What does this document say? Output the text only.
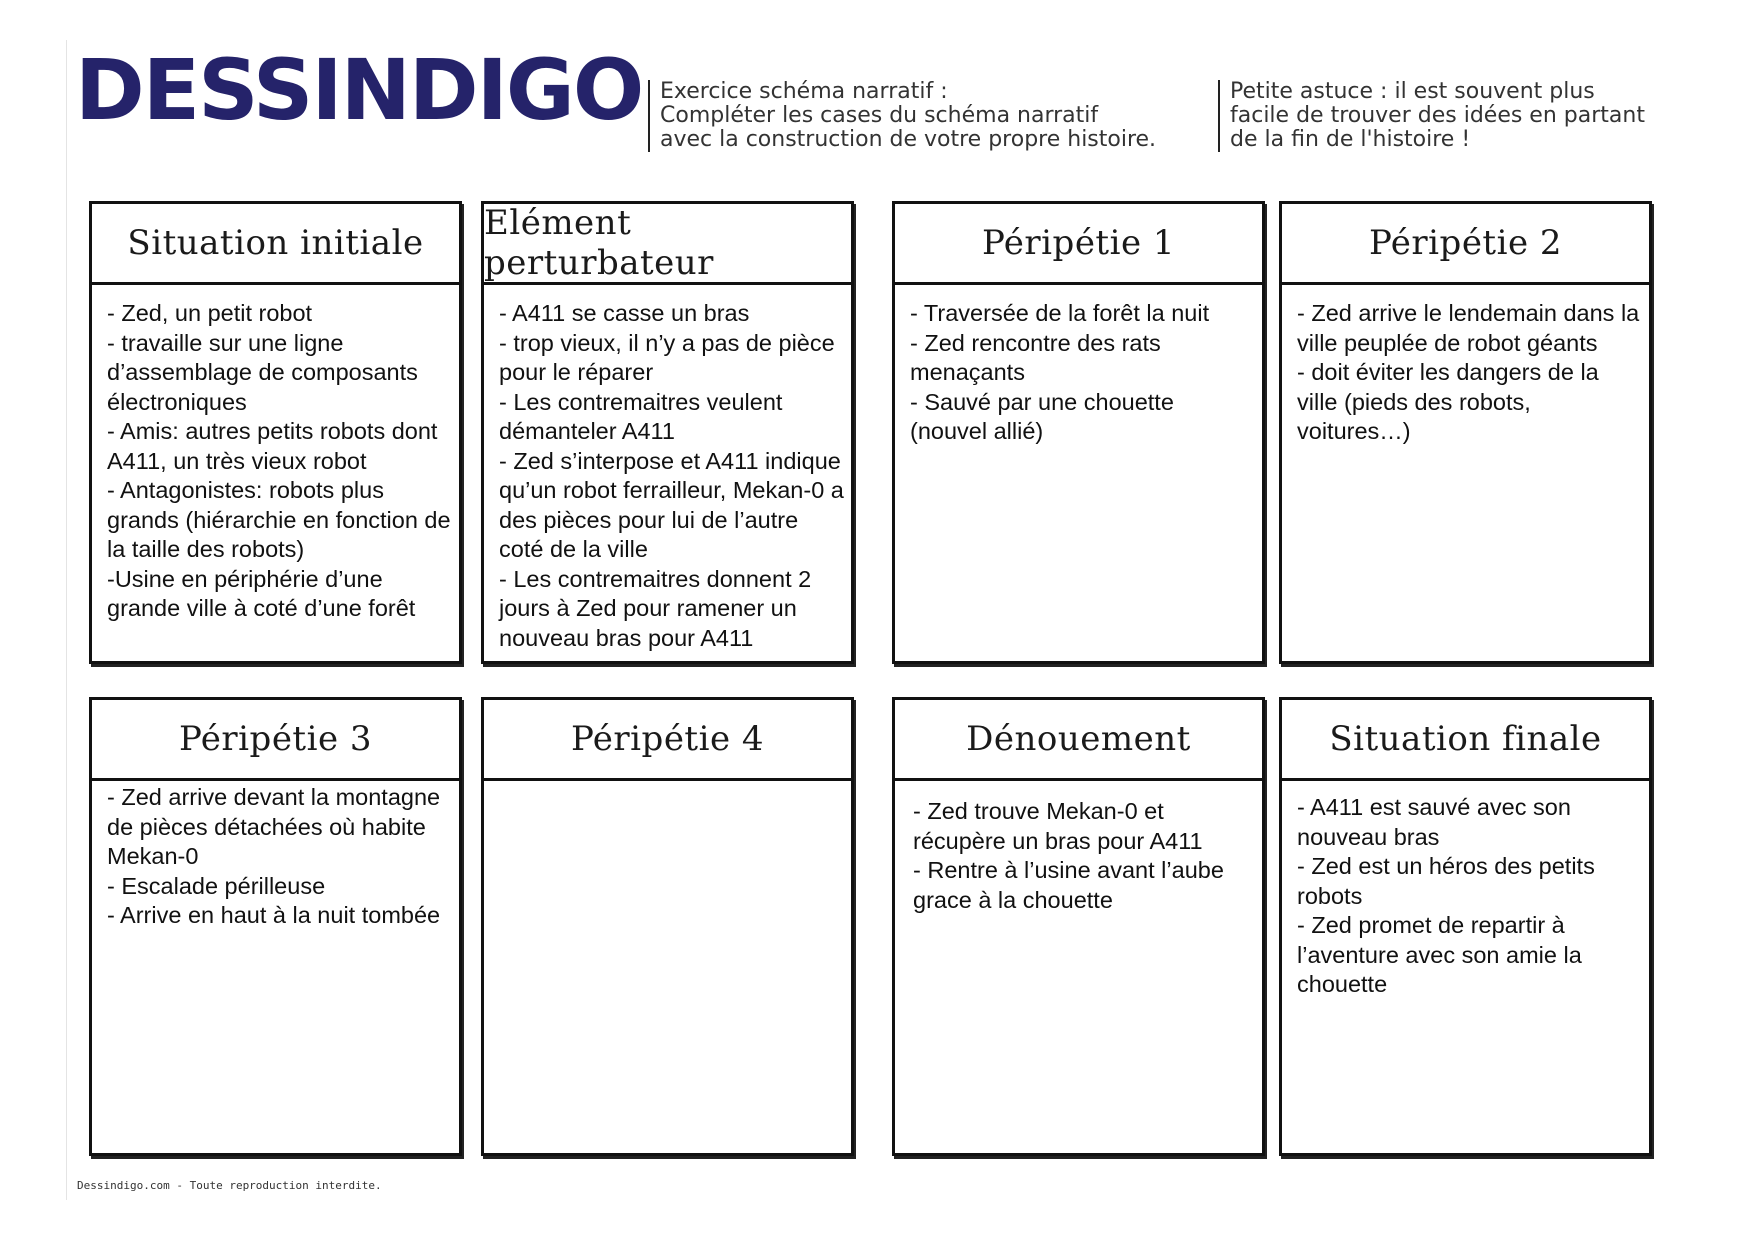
DESSINDIGO Exercice schéma narratif :
Compléter les cases du schéma narratif
avec la construction de votre propre histoire.
Petite astuce : il est souvent plus
facile de trouver des idées en partant
de la fin de l'histoire !
Situation initiale
- Zed, un petit robot
- travaille sur une ligne
d’assemblage de composants
électroniques
- Amis: autres petits robots dont
A411, un très vieux robot
- Antagonistes: robots plus
grands (hiérarchie en fonction de
la taille des robots)
-Usine en périphérie d’une
grande ville à coté d’une forêt
Elément perturbateur
- A411 se casse un bras
- trop vieux, il n’y a pas de pièce
pour le réparer
- Les contremaitres veulent
démanteler A411
- Zed s’interpose et A411 indique
qu’un robot ferrailleur, Mekan-0 a
des pièces pour lui de l’autre
coté de la ville
- Les contremaitres donnent 2
jours à Zed pour ramener un
nouveau bras pour A411
Péripétie 1
- Traversée de la forêt la nuit
- Zed rencontre des rats
menaçants
- Sauvé par une chouette
(nouvel allié)
Péripétie 2
- Zed arrive le lendemain dans la
ville peuplée de robot géants
- doit éviter les dangers de la
ville (pieds des robots,
voitures…)
Péripétie 3
- Zed arrive devant la montagne
de pièces détachées où habite
Mekan-0
- Escalade périlleuse
- Arrive en haut à la nuit tombée
Péripétie 4	Dénouement
- Zed trouve Mekan-0 et
récupère un bras pour A411
- Rentre à l’usine avant l’aube
grace à la chouette
Situation finale
- A411 est sauvé avec son
nouveau bras
- Zed est un héros des petits
robots
- Zed promet de repartir à
l’aventure avec son amie la
chouette
Dessindigo.com - Toute reproduction interdite.
